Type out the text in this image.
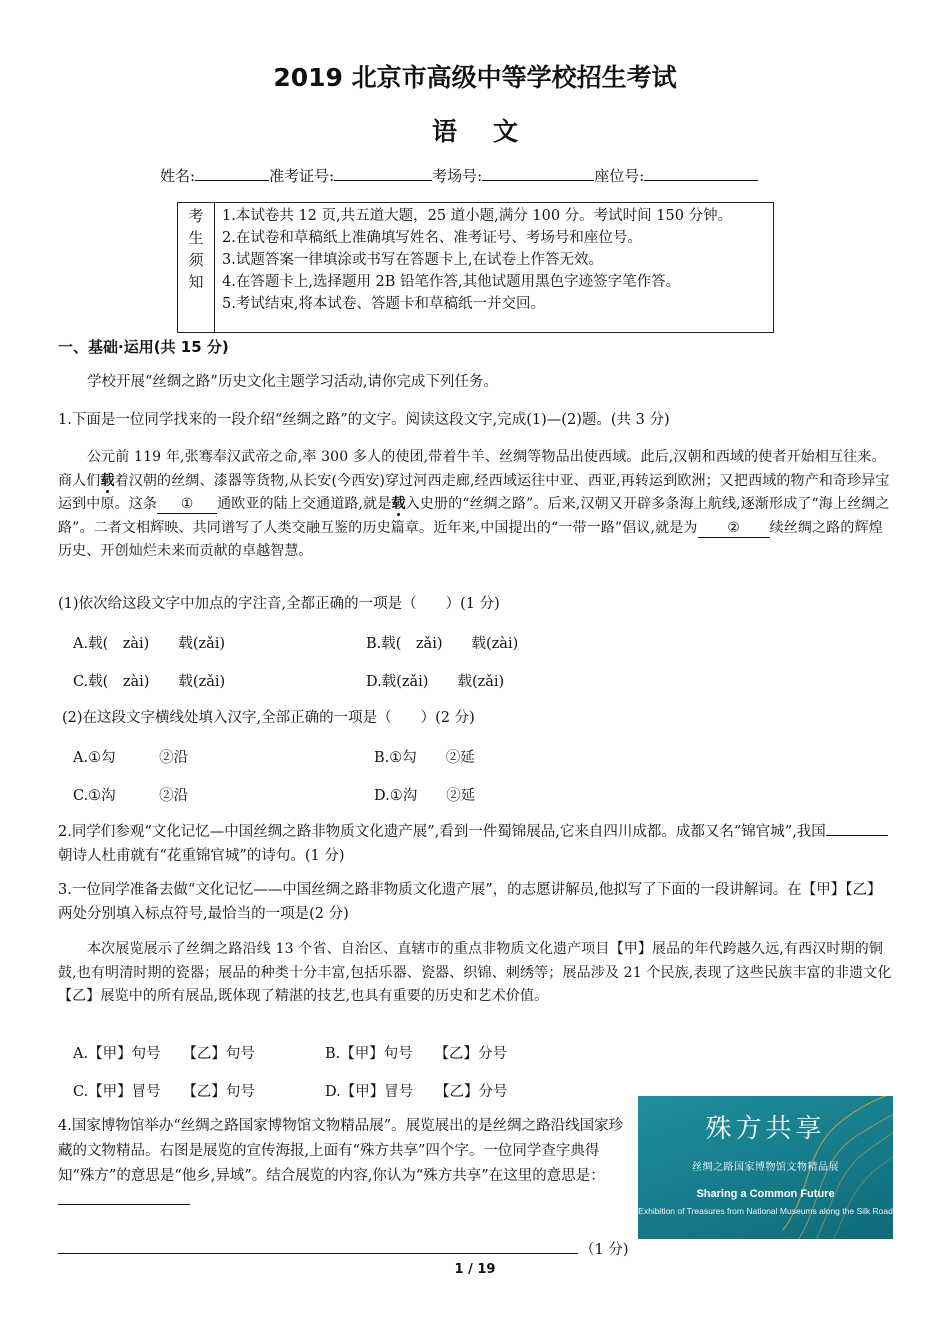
2019 北京市高级中等学校招生考试
语文
姓名:	准考证号:	考场号:	座位号:
考
生
须
知
1.本试卷共 12 页,共五道大题，25 道小题,满分 100 分。考试时间 150 分钟。
2.在试卷和草稿纸上准确填写姓名、准考证号、考场号和座位号。
3.试题答案一律填涂或书写在答题卡上,在试卷上作答无效。
4.在答题卡上,选择题用 2B 铅笔作答,其他试题用黑色字迹签字笔作答。
5.考试结束,将本试卷、答题卡和草稿纸一并交回。
一、基础·运用(共 15 分)
学校开展“丝绸之路”历史文化主题学习活动,请你完成下列任务。
1.下面是一位同学找来的一段介绍“丝绸之路”的文字。阅读这段文字,完成(1)—(2)题。(共 3 分)
公元前 119 年,张骞奉汉武帝之命,率 300 多人的使团,带着牛羊、丝绸等物品出使西域。此后,汉朝和西域的使者开始相互往来。商人们载着汉朝的丝绸、漆器等货物,从长安(今西安)穿过河西走廊,经西域运往中亚、西亚,再转运到欧洲；又把西域的物产和奇珍异宝运到中原。这条 ① 通欧亚的陆上交通道路,就是载入史册的“丝绸之路”。后来,汉朝又开辟多条海上航线,逐渐形成了“海上丝绸之路”。二者文相辉映、共同谱写了人类交融互鉴的历史篇章。近年来,中国提出的“一带一路”倡议,就是为 ② 续丝绸之路的辉煌历史、开创灿烂未来而贡献的卓越智慧。
(1)依次给这段文字中加点的字注音,全都正确的一项是（　　）(1 分)
A.载(　zài)　　载(zǎi)	B.载(　zǎi)　　载(zài)
C.载(　zài)　　载(zǎi)	D.载(zǎi)　　载(zǎi)
(2)在这段文字横线处填入汉字,全部正确的一项是（　　）(2 分)
A.①勾　　　②沿	B.①勾　　②延
C.①沟　　　②沿	D.①沟　　②延
2.同学们参观“文化记忆—中国丝绸之路非物质文化遗产展”,看到一件蜀锦展品,它来自四川成都。成都又名“锦官城”,我国朝诗人杜甫就有“花重锦官城”的诗句。(1 分)
3.一位同学准备去做“文化记忆——中国丝绸之路非物质文化遗产展”，的志愿讲解员,他拟写了下面的一段讲解词。在【甲】【乙】两处分别填入标点符号,最恰当的一项是(2 分)
本次展览展示了丝绸之路沿线 13 个省、自治区、直辖市的重点非物质文化遗产项目【甲】展品的年代跨越久远,有西汉时期的铜鼓,也有明清时期的瓷器；展品的种类十分丰富,包括乐器、瓷器、织锦、刺绣等；展品涉及 21 个民族,表现了这些民族丰富的非遗文化【乙】展览中的所有展品,既体现了精湛的技艺,也具有重要的历史和艺术价值。
A.【甲】句号　　【乙】句号	B.【甲】句号　　【乙】分号
C.【甲】冒号　　【乙】句号	D.【甲】冒号　　【乙】分号
4.国家博物馆举办“丝绸之路国家博物馆文物精品展”。展览展出的是丝绸之路沿线国家珍藏的文物精品。右图是展览的宣传海报,上面有“殊方共享”四个字。一位同学查字典得知“殊方”的意思是“他乡,异域”。结合展览的内容,你认为“殊方共享”在这里的意思是：
殊方共享
丝绸之路国家博物馆文物精品展
Sharing a Common Future
Exhibition of Treasures from National Museums along the Silk Road
（1 分)
1 / 19
